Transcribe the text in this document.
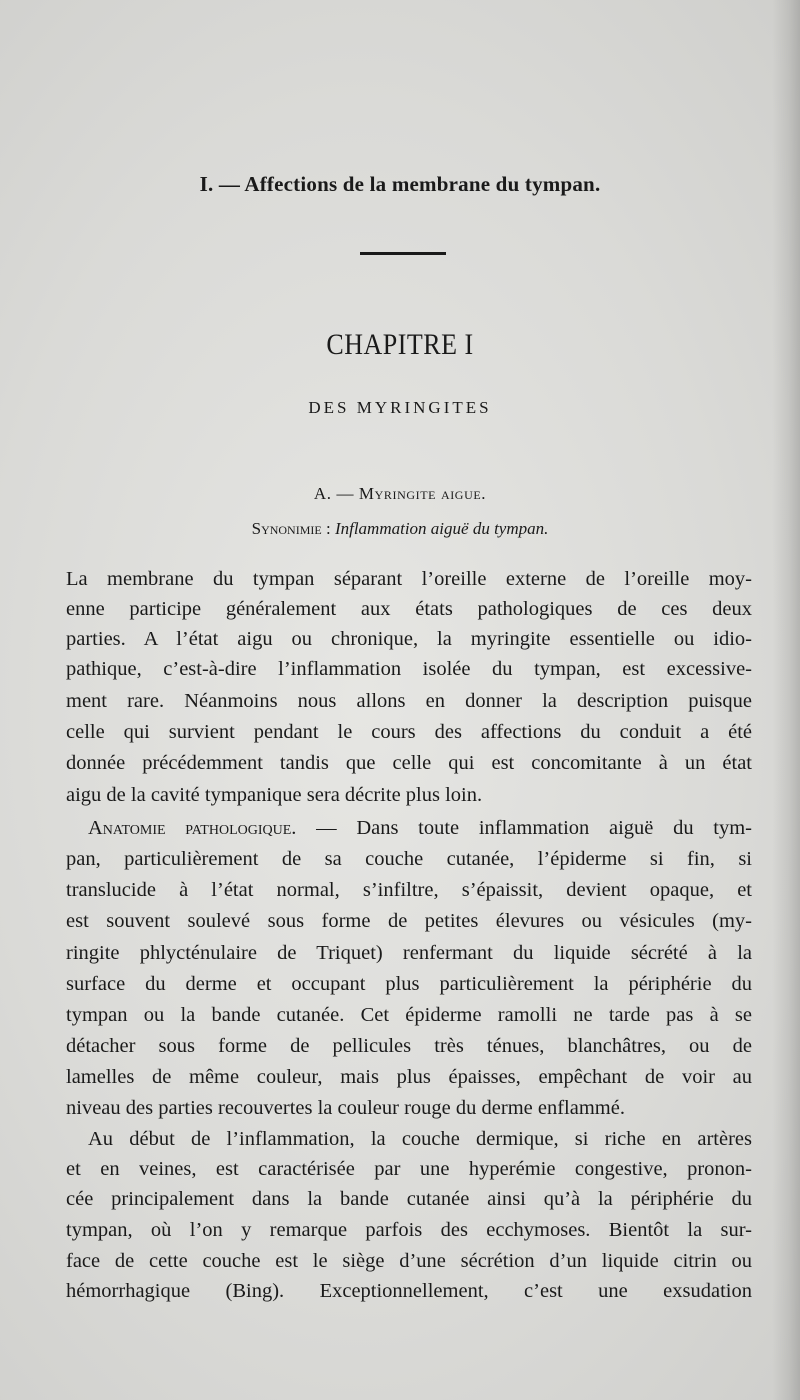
I. — Affections de la membrane du tympan.
CHAPITRE I
DES MYRINGITES
A. — Myringite aigue.
Synonimie : Inflammation aiguë du tympan.
La membrane du tympan séparant l’oreille externe de l’oreille moy-
enne participe généralement aux états pathologiques de ces deux
parties. A l’état aigu ou chronique, la myringite essentielle ou idio-
pathique, c’est-à-dire l’inflammation isolée du tympan, est excessive-
ment rare. Néanmoins nous allons en donner la description puisque
celle qui survient pendant le cours des affections du conduit a été
donnée précédemment tandis que celle qui est concomitante à un état
aigu de la cavité tympanique sera décrite plus loin.
Anatomie pathologique. — Dans toute inflammation aiguë du tym-
pan, particulièrement de sa couche cutanée, l’épiderme si fin, si
translucide à l’état normal, s’infiltre, s’épaissit, devient opaque, et
est souvent soulevé sous forme de petites élevures ou vésicules (my-
ringite phlycténulaire de Triquet) renfermant du liquide sécrété à la
surface du derme et occupant plus particulièrement la périphérie du
tympan ou la bande cutanée. Cet épiderme ramolli ne tarde pas à se
détacher sous forme de pellicules très ténues, blanchâtres, ou de
lamelles de même couleur, mais plus épaisses, empêchant de voir au
niveau des parties recouvertes la couleur rouge du derme enflammé.
Au début de l’inflammation, la couche dermique, si riche en artères
et en veines, est caractérisée par une hyperémie congestive, pronon-
cée principalement dans la bande cutanée ainsi qu’à la périphérie du
tympan, où l’on y remarque parfois des ecchymoses. Bientôt la sur-
face de cette couche est le siège d’une sécrétion d’un liquide citrin ou
hémorrhagique (Bing). Exceptionnellement, c’est une exsudation
